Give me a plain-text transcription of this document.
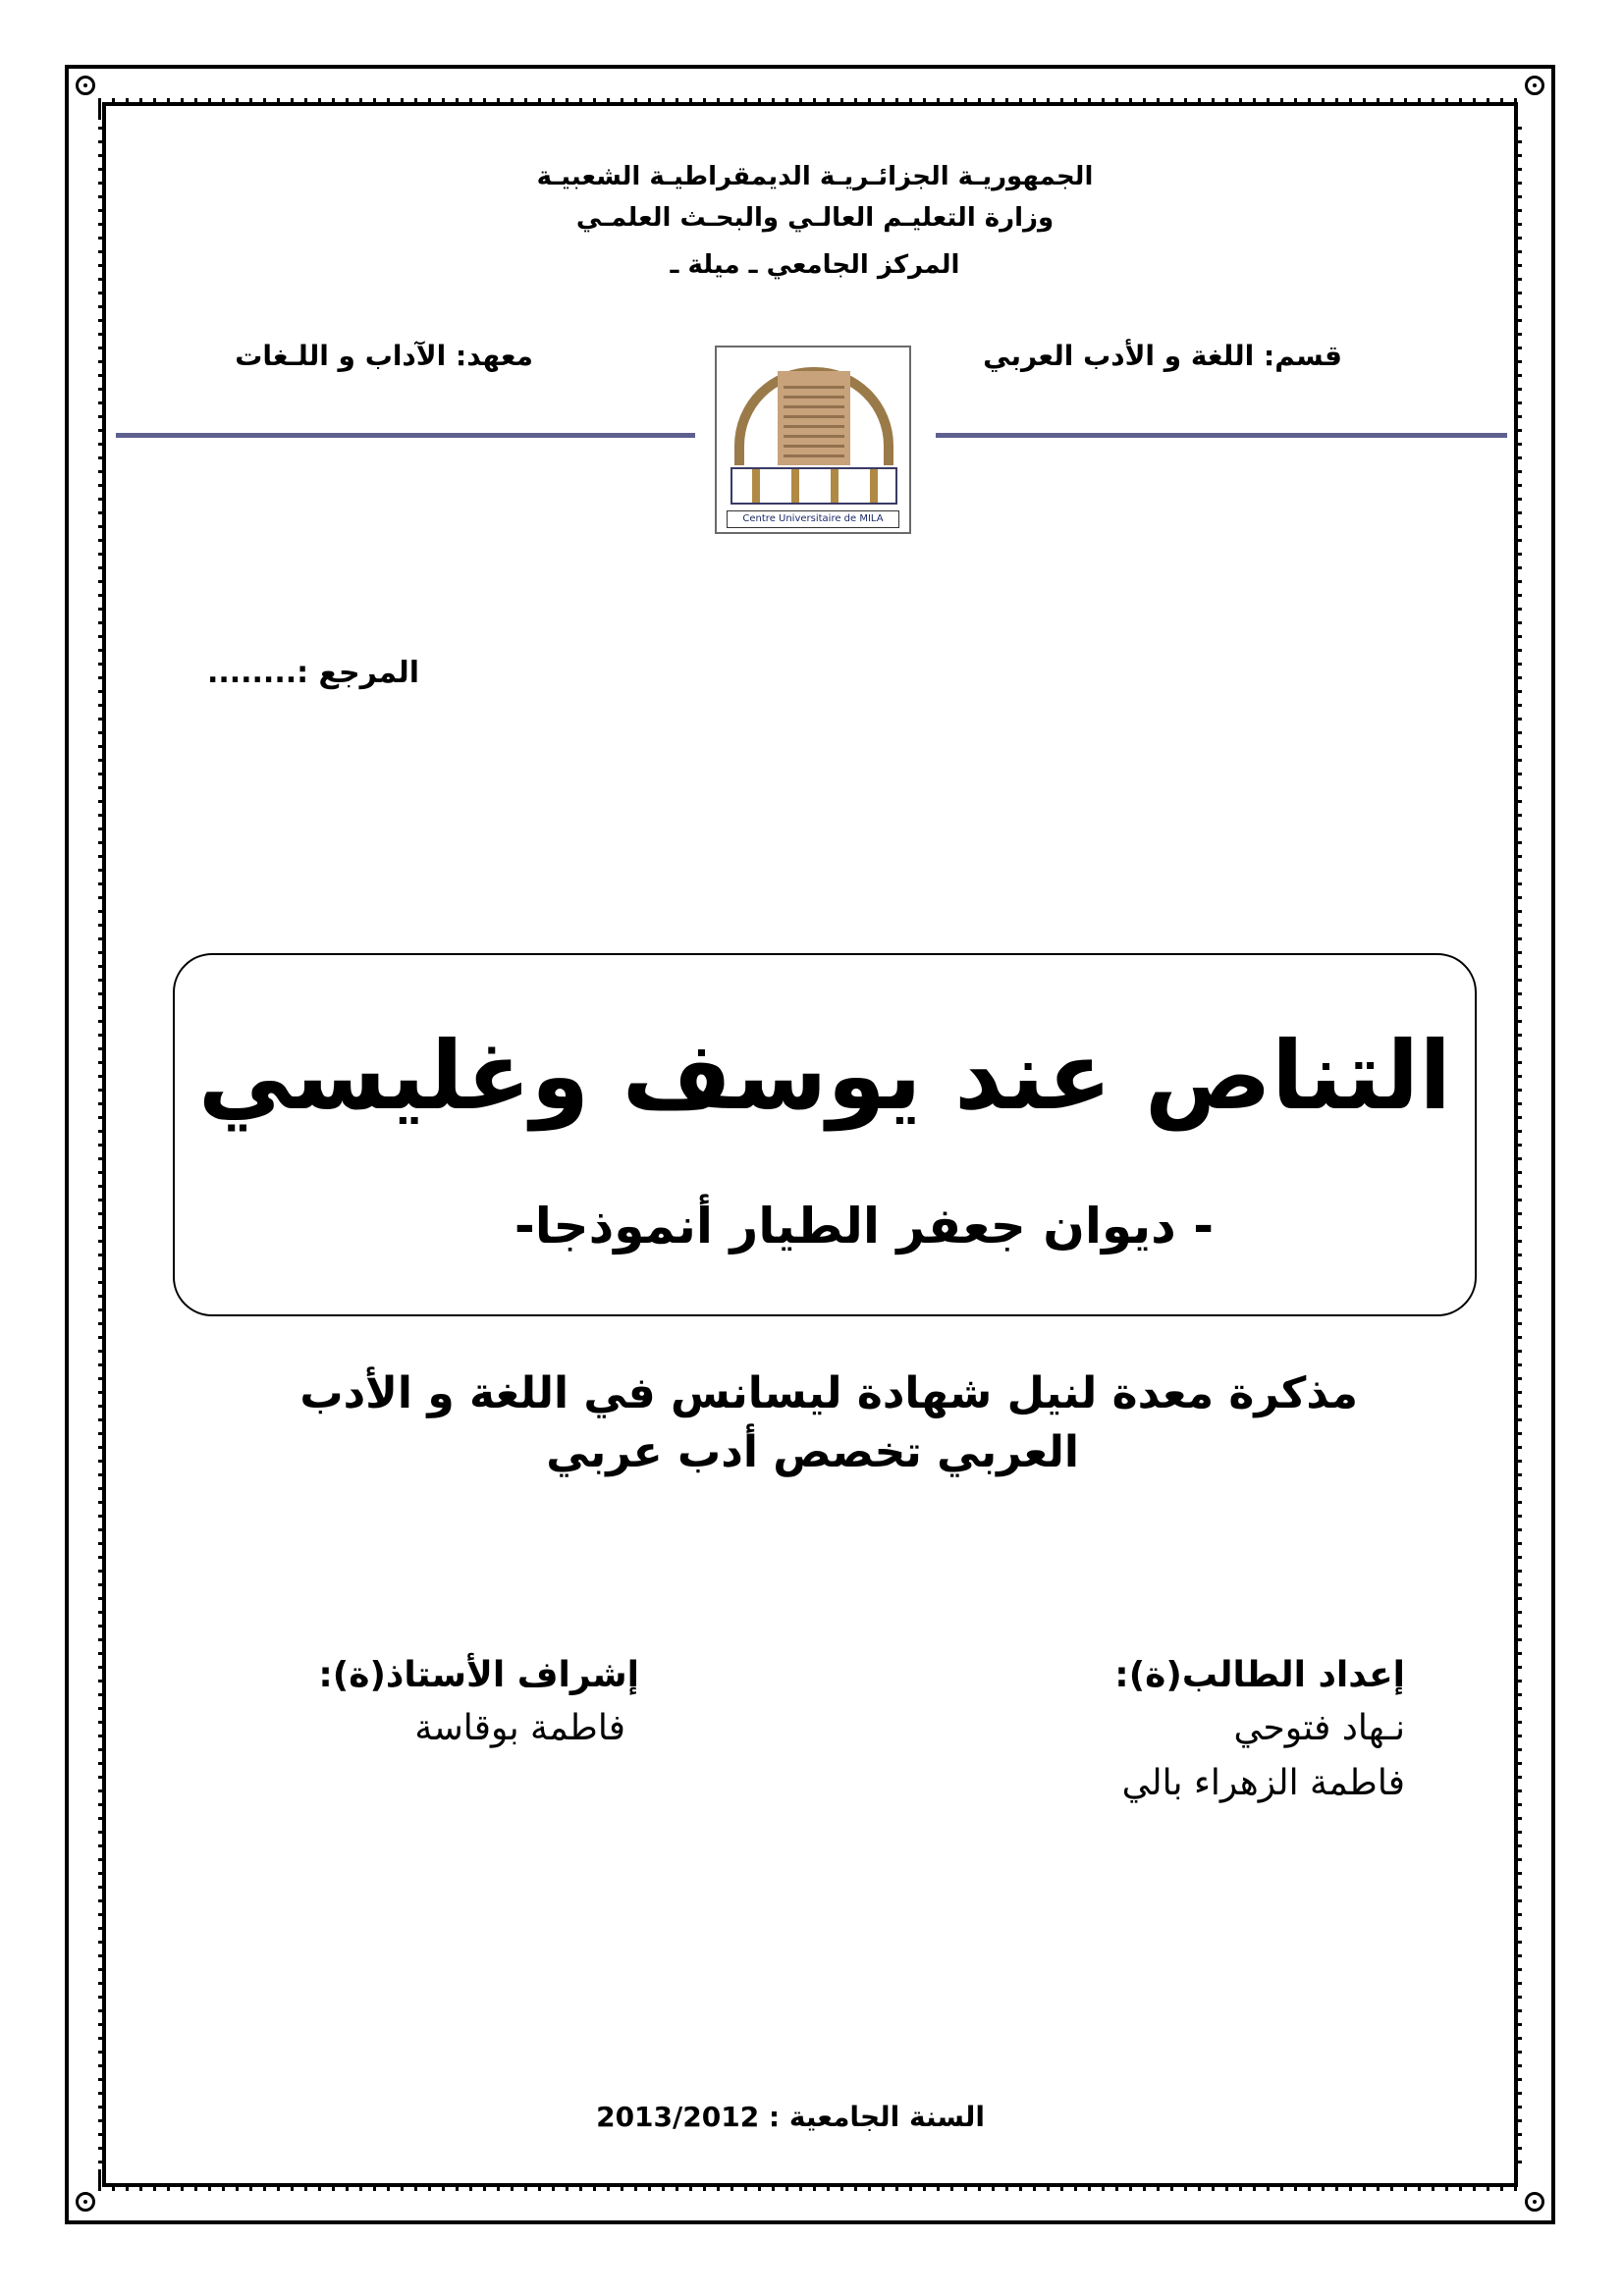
الجمهوريـة الجزائـريـة الديمقراطيـة الشعبيـة
وزارة التعليـم العالـي والبحـث العلمـي
المركز الجامعي ـ ميلة ـ
قسم: اللغة و الأدب العربي
معهد: الآداب و اللـغات
Centre Universitaire de MILA
المرجع :........
التناص عند يوسف وغليسي
- ديوان جعفر الطيار أنموذجا-
مذكرة معدة لنيل شهادة ليسانس في اللغة و الأدب
العربي تخصص أدب عربي
إعداد الطالب(ة):
نـهاد فتوحي
فاطمة الزهراء بالي
إشراف الأستاذ(ة):
فاطمة بوقاسة
السنة الجامعية : 2013/2012
